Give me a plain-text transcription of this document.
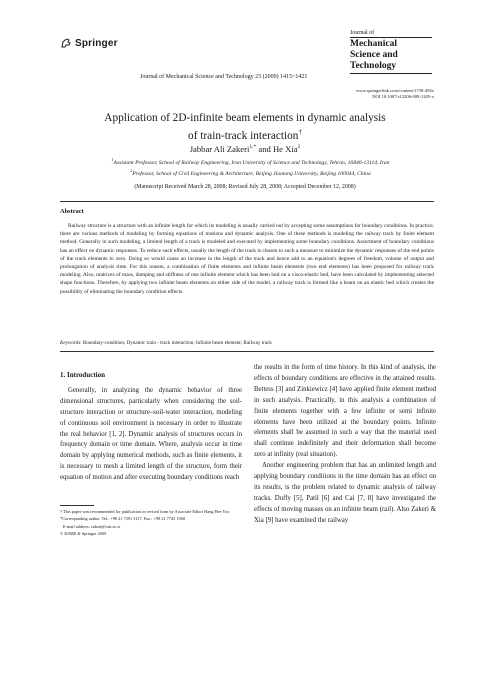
Springer
Journal of
Mechanical
Science and
Technology
Journal of Mechanical Science and Technology 23 (2009) 1415~1421
www.springerlink.com/content/1738-494x
DOI 10.1007/s12206-008-1205-x
Application of 2D-infinite beam elements in dynamic analysis
of train-track interaction†
Jabbar Ali Zakeri$^{1,*}$ and He Xia$^2$
$^1$Assistant Professor, School of Railway Engineering, Iran University of Science and Technology, Tehran, 16846-13114, Iran
$^2$Professor, School of Civil Engineering & Architecture, Beijing Jiaotong University, Beijing 100044, China
(Manuscript Received March 28, 2008; Revised July 28, 2008; Accepted December 12, 2008)
Abstract
Railway structure is a structure with an infinite length for which its modeling is usually carried out by accepting some assumptions for boundary conditions. In practice, there are various methods of modeling by forming equations of motions and dynamic analysis. One of these methods is modeling the railway track by finite element method. Generally in such modeling, a limited length of a track is modeled and executed by implementing some boundary conditions. Assortment of boundary conditions has an effect on dynamic responses. To reduce such effects, usually the length of the track is chosen to such a measure to minimize the dynamic responses of the end points of the track elements to zero. Doing so would cause an increase in the length of the track and hence add to an equation's degrees of freedom, volume of output and prolongation of analysis time. For this reason, a combination of finite elements and infinite beam elements (two end elements) has been proposed for railway track modeling. Also, matrices of mass, damping and stiffness of one infinite element which has been laid on a visco-elastic bed, have been calculated by implementing selected shape functions. Therefore, by applying two infinite beam elements on either side of the model, a railway track is formed like a beam on an elastic bed which creates the possibility of eliminating the boundary condition effects.
Keywords: Boundary-condition; Dynamic train - track interaction; Infinite beam element; Railway track
1. Introduction

Generally, in analyzing the dynamic behavior of three dimensional structures, particularly when considering the soil-structure interaction or structure–soil-water interaction, modeling of continuous soil environment is necessary in order to illustrate the real behavior [1, 2]. Dynamic analysis of structures occurs in frequency domain or time domain. Where, analysis occur in time domain by applying numerical methods, such as finite elements, it is necessary to mesh a limited length of the structure, form their equation of motion and after executing boundary conditions reach

the results in the form of time history. In this kind of analysis, the effects of boundary conditions are effective in the attained results. Bettess [3] and Zinkiewicz [4] have applied finite element method in such analysis. Practically, in this analysis a combination of finite elements together with a few infinite or semi infinite elements have been utilized at the boundary points. Infinite elements shall be assumed in such a way that the material used shall continue indefinitely and their deformation shall become zero at infinity (real situation).

Another engineering problem that has an unlimited length and applying boundary conditions in the time domain has an effect on its results, is the problem related to dynamic analysis of railway tracks. Duffy [5], Patil [6] and Cai [7, 8] have investigated the effects of moving masses on an infinite beam (rail). Also Zakeri & Xia [9] have examined the railway

† This paper was recommended for publication in revised form by Associate Editor Hang Hee Yoo
*Corresponding author. Tel.: +98 21 7391 3117, Fax.: +98 21 7745 1568
E-mail address: zakeri@iust.ac.ir
© KSME & Springer 2009
